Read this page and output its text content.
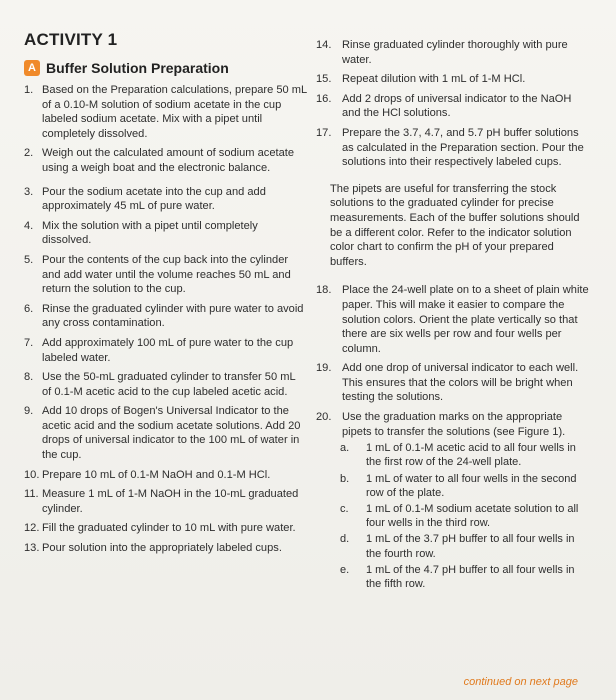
ACTIVITY 1
A Buffer Solution Preparation
1. Based on the Preparation calculations, prepare 50 mL of a 0.10-M solution of sodium acetate in the cup labeled sodium acetate. Mix with a pipet until completely dissolved.
2. Weigh out the calculated amount of sodium acetate using a weigh boat and the electronic balance.
3. Pour the sodium acetate into the cup and add approximately 45 mL of pure water.
4. Mix the solution with a pipet until completely dissolved.
5. Pour the contents of the cup back into the cylinder and add water until the volume reaches 50 mL and return the solution to the cup.
6. Rinse the graduated cylinder with pure water to avoid any cross contamination.
7. Add approximately 100 mL of pure water to the cup labeled water.
8. Use the 50-mL graduated cylinder to transfer 50 mL of 0.1-M acetic acid to the cup labeled acetic acid.
9. Add 10 drops of Bogen's Universal Indicator to the acetic acid and the sodium acetate solutions. Add 20 drops of universal indicator to the 100 mL of water in the cup.
10. Prepare 10 mL of 0.1-M NaOH and 0.1-M HCl.
11. Measure 1 mL of 1-M NaOH in the 10-mL graduated cylinder.
12. Fill the graduated cylinder to 10 mL with pure water.
13. Pour solution into the appropriately labeled cups.
14. Rinse graduated cylinder thoroughly with pure water.
15. Repeat dilution with 1 mL of 1-M HCl.
16. Add 2 drops of universal indicator to the NaOH and the HCl solutions.
17. Prepare the 3.7, 4.7, and 5.7 pH buffer solutions as calculated in the Preparation section. Pour the solutions into their respectively labeled cups.
The pipets are useful for transferring the stock solutions to the graduated cylinder for precise measurements. Each of the buffer solutions should be a different color. Refer to the indicator solution color chart to confirm the pH of your prepared buffers.
18. Place the 24-well plate on to a sheet of plain white paper. This will make it easier to compare the solution colors. Orient the plate vertically so that there are six wells per row and four wells per column.
19. Add one drop of universal indicator to each well. This ensures that the colors will be bright when testing the solutions.
20. Use the graduation marks on the appropriate pipets to transfer the solutions (see Figure 1).
a. 1 mL of 0.1-M acetic acid to all four wells in the first row of the 24-well plate.
b. 1 mL of water to all four wells in the second row of the plate.
c. 1 mL of 0.1-M sodium acetate solution to all four wells in the third row.
d. 1 mL of the 3.7 pH buffer to all four wells in the fourth row.
e. 1 mL of the 4.7 pH buffer to all four wells in the fifth row.
continued on next page
